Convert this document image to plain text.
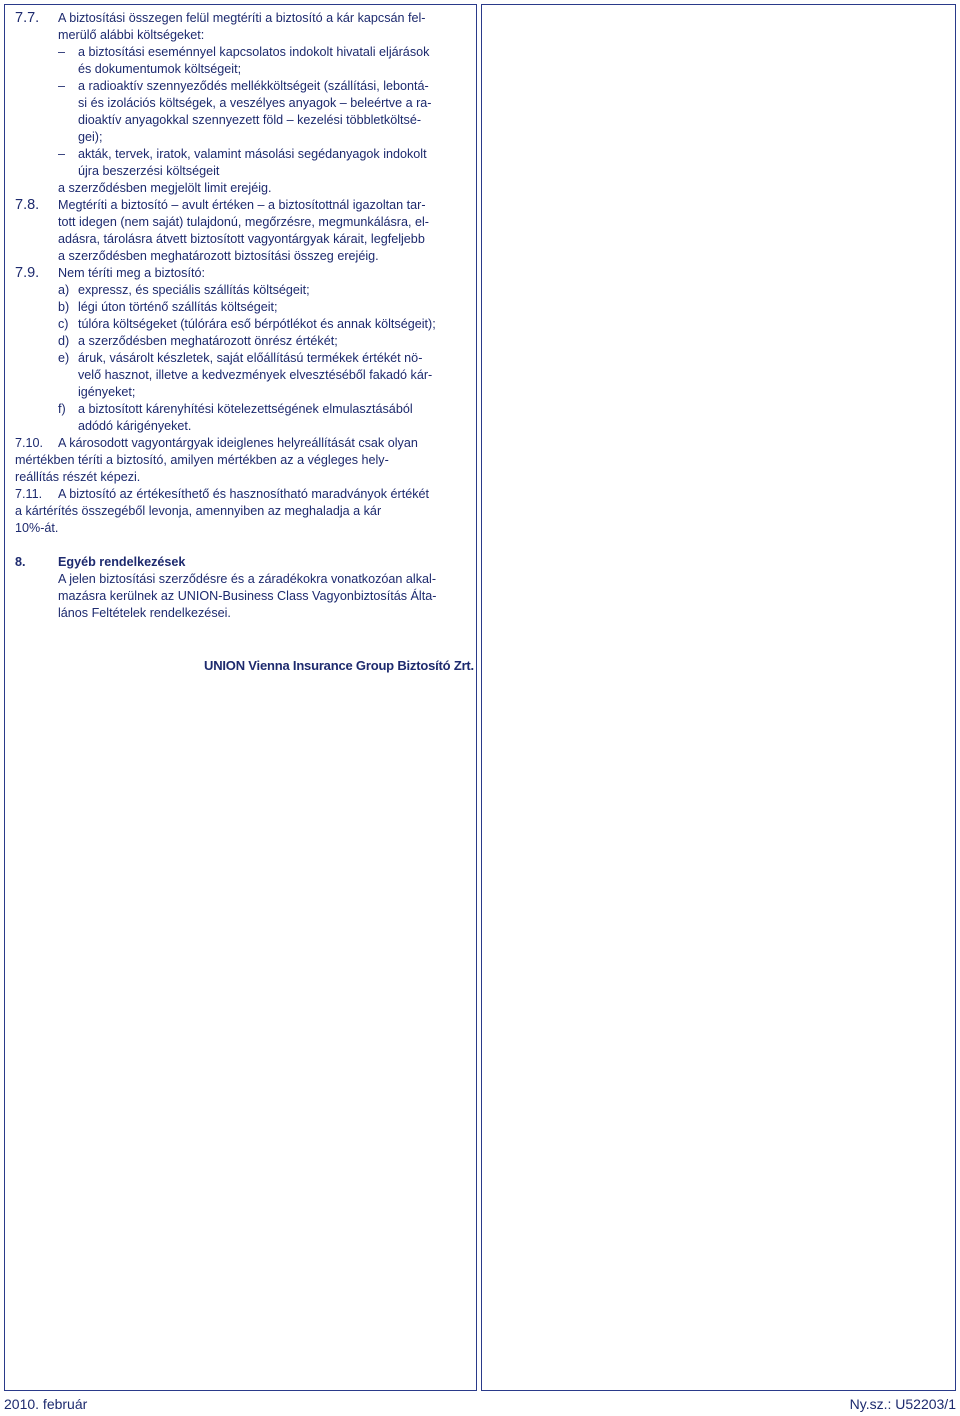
7.7. A biztosítási összegen felül megtéríti a biztosító a kár kapcsán fel-
merülő alábbi költségeket:
– a biztosítási eseménnyel kapcsolatos indokolt hivatali eljárások
és dokumentumok költségeit;
– a radioaktív szennyeződés mellékköltségeit (szállítási, lebontá-
si és izolációs költségek, a veszélyes anyagok – beleértve a ra-
dioaktív anyagokkal szennyezett föld – kezelési többletköltsé-
gei);
– akták, tervek, iratok, valamint másolási segédanyagok indokolt
újra beszerzési költségeit
a szerződésben megjelölt limit erejéig.
7.8. Megtéríti a biztosító – avult értéken – a biztosítottnál igazoltan tar-
tott idegen (nem saját) tulajdonú, megőrzésre, megmunkálásra, el-
adásra, tárolásra átvett biztosított vagyontárgyak kárait, legfeljebb
a szerződésben meghatározott biztosítási összeg erejéig.
7.9. Nem téríti meg a biztosító:
a) expressz, és speciális szállítás költségeit;
b) légi úton történő szállítás költségeit;
c) túlóra költségeket (túlórára eső bérpótlékot és annak költségeit);
d) a szerződésben meghatározott önrész értékét;
e) áruk, vásárolt készletek, saját előállítású termékek értékét nö-
velő hasznot, illetve a kedvezmények elvesztéséből fakadó kár-
igényeket;
f) a biztosított kárenyhítési kötelezettségének elmulasztásából
adódó kárigényeket.
7.10. A károsodott vagyontárgyak ideiglenes helyreállítását csak olyan
mértékben téríti a biztosító, amilyen mértékben az a végleges hely-
reállítás részét képezi.
7.11. A biztosító az értékesíthető és hasznosítható maradványok értékét
a kártérítés összegéből levonja, amennyiben az meghaladja a kár
10%-át.
8.	Egyéb rendelkezések
A jelen biztosítási szerződésre és a záradékokra vonatkozóan alkal-
mazásra kerülnek az UNION-Business Class Vagyonbiztosítás Álta-
lános Feltételek rendelkezései.
UNION Vienna Insurance Group Biztosító Zrt.
2010. február	Ny.sz.: U52203/1
